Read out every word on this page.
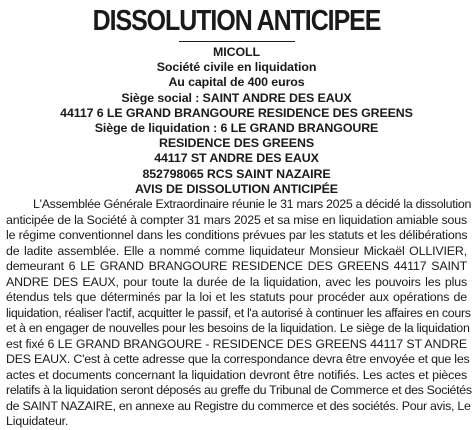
DISSOLUTION ANTICIPEE
MICOLL
Société civile en liquidation
Au capital de 400 euros
Siège social : SAINT ANDRE DES EAUX
44117 6 LE GRAND BRANGOURE RESIDENCE DES GREENS
Siège de liquidation : 6 LE GRAND BRANGOURE
RESIDENCE DES GREENS
44117 ST ANDRE DES EAUX
852798065 RCS SAINT NAZAIRE
AVIS DE DISSOLUTION ANTICIPÉE
L'Assemblée Générale Extraordinaire réunie le 31 mars 2025 a décidé la dissolution
anticipée de la Société à compter 31 mars 2025 et sa mise en liquidation amiable sous
le régime conventionnel dans les conditions prévues par les statuts et les délibérations
de ladite assemblée. Elle a nommé comme liquidateur Monsieur Mickaël OLLIVIER,
demeurant 6 LE GRAND BRANGOURE RESIDENCE DES GREENS 44117 SAINT
ANDRE DES EAUX, pour toute la durée de la liquidation, avec les pouvoirs les plus
étendus tels que déterminés par la loi et les statuts pour procéder aux opérations de
liquidation, réaliser l'actif, acquitter le passif, et l'a autorisé à continuer les affaires en cours
et à en engager de nouvelles pour les besoins de la liquidation. Le siège de la liquidation
est fixé 6 LE GRAND BRANGOURE - RESIDENCE DES GREENS 44117 ST ANDRE
DES EAUX. C'est à cette adresse que la correspondance devra être envoyée et que les
actes et documents concernant la liquidation devront être notifiés. Les actes et pièces
relatifs à la liquidation seront déposés au greffe du Tribunal de Commerce et des Sociétés
de SAINT NAZAIRE, en annexe au Registre du commerce et des sociétés. Pour avis, Le
Liquidateur.
